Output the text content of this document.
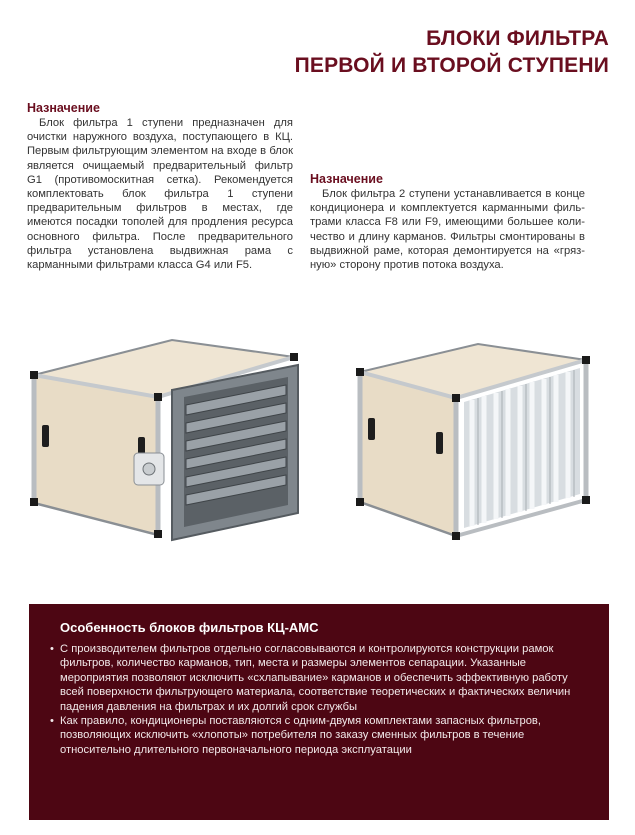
БЛОКИ ФИЛЬТРА
ПЕРВОЙ И ВТОРОЙ СТУПЕНИ
Назначение

Блок фильтра 1 ступени предназначен для очистки наружного воздуха, поступающего в КЦ. Первым фильтрующим элементом на входе в блок является очищаемый предварительный фильтр G1 (противомоскитная сетка). Рекомендуется комплектовать блок фильтра 1 ступени предварительным фильтров в местах, где имеются посадки тополей для продления ресурса основного фильтра. После предварительного фильтра установлена выдвижная рама с карманными фильтрами класса G4 или F5.

Назначение

Блок фильтра 2 ступени устанавливается в конце кондиционера и комплектуется карманными фильтрами класса F8 или F9, имеющими большее количество и длину карманов. Фильтры смонтированы в выдвижной раме, которая демонтируется на «грязную» сторону против потока воздуха.

Особенность блоков фильтров КЦ-АМС
• С производителем фильтров отдельно согласовываются и контролируются конструкции рамок фильтров, количество карманов, тип, места и размеры элементов сепарации. Указанные мероприятия позволяют исключить «схлапывание» карманов и обеспечить эффективную работу всей поверхности фильтрующего материала, соответствие теоретических и фактических величин падения давления на фильтрах и их долгий срок службы
• Как правило, кондиционеры поставляются с одним-двумя комплектами запасных фильтров, позволяющих исключить «хлопоты» потребителя по заказу сменных фильтров в течение относительно длительного первоначального периода эксплуатации
